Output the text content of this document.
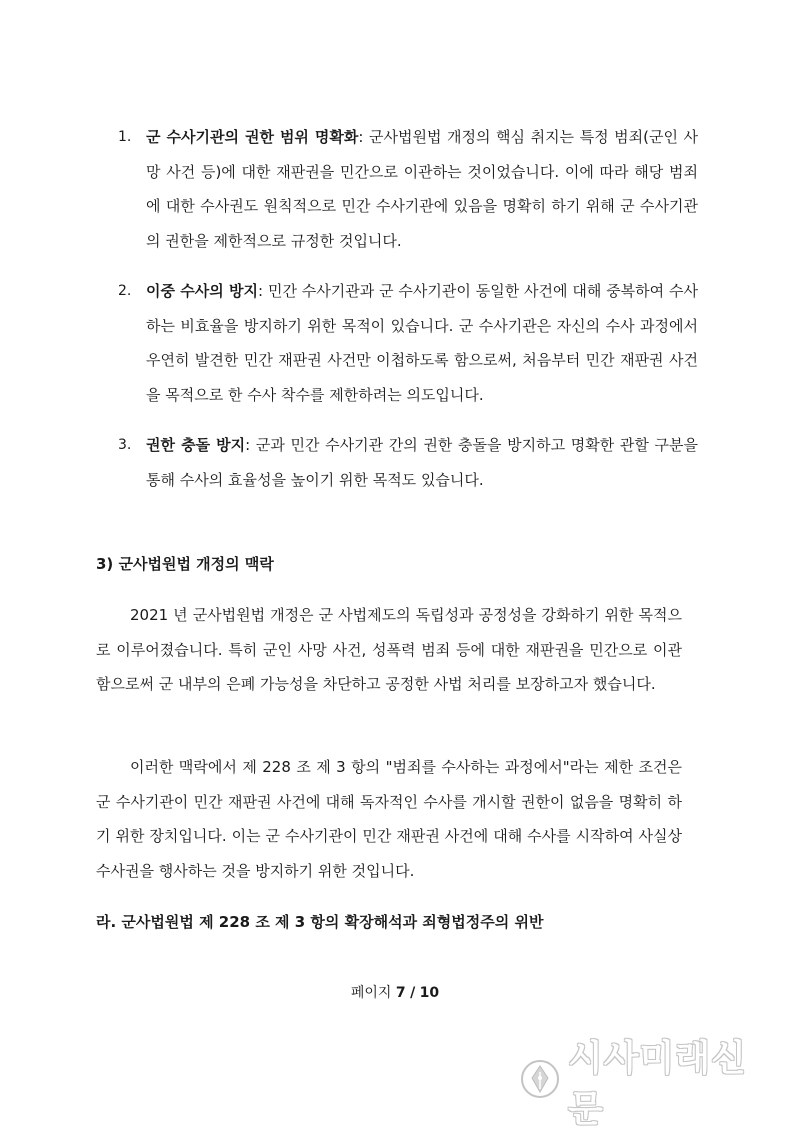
1. 군 수사기관의 권한 범위 명확화: 군사법원법 개정의 핵심 취지는 특정 범죄(군인 사망 사건 등)에 대한 재판권을 민간으로 이관하는 것이었습니다. 이에 따라 해당 범죄에 대한 수사권도 원칙적으로 민간 수사기관에 있음을 명확히 하기 위해 군 수사기관의 권한을 제한적으로 규정한 것입니다.
2. 이중 수사의 방지: 민간 수사기관과 군 수사기관이 동일한 사건에 대해 중복하여 수사하는 비효율을 방지하기 위한 목적이 있습니다. 군 수사기관은 자신의 수사 과정에서 우연히 발견한 민간 재판권 사건만 이첩하도록 함으로써, 처음부터 민간 재판권 사건을 목적으로 한 수사 착수를 제한하려는 의도입니다.
3. 권한 충돌 방지: 군과 민간 수사기관 간의 권한 충돌을 방지하고 명확한 관할 구분을 통해 수사의 효율성을 높이기 위한 목적도 있습니다.
3) 군사법원법 개정의 맥락

2021 년 군사법원법 개정은 군 사법제도의 독립성과 공정성을 강화하기 위한 목적으로 이루어졌습니다. 특히 군인 사망 사건, 성폭력 범죄 등에 대한 재판권을 민간으로 이관함으로써 군 내부의 은폐 가능성을 차단하고 공정한 사법 처리를 보장하고자 했습니다.

이러한 맥락에서 제 228 조 제 3 항의 "범죄를 수사하는 과정에서"라는 제한 조건은 군 수사기관이 민간 재판권 사건에 대해 독자적인 수사를 개시할 권한이 없음을 명확히 하기 위한 장치입니다. 이는 군 수사기관이 민간 재판권 사건에 대해 수사를 시작하여 사실상 수사권을 행사하는 것을 방지하기 위한 것입니다.

라. 군사법원법 제 228 조 제 3 항의 확장해석과 죄형법정주의 위반
페이지 7 / 10
시사미래신문
